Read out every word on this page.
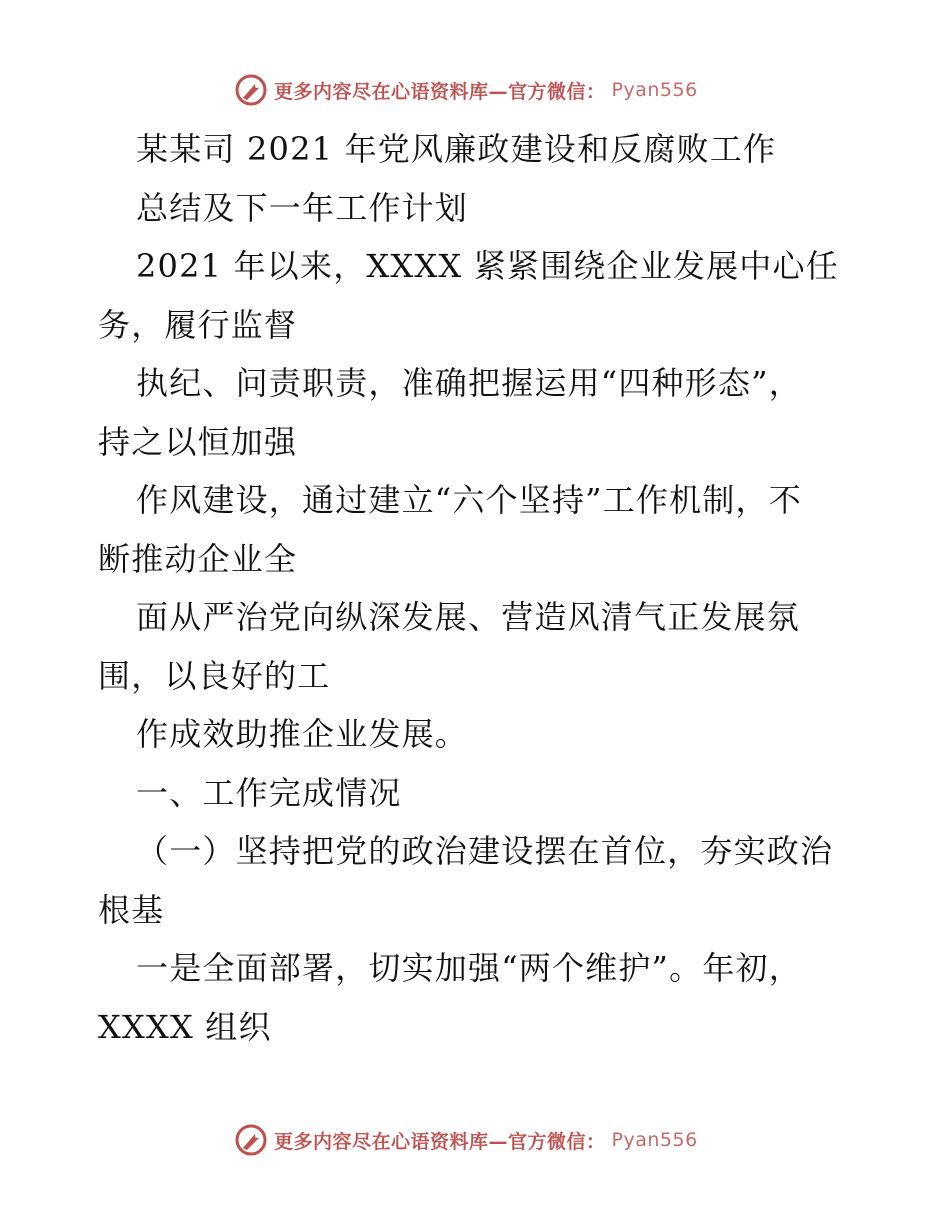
更多内容尽在心语资料库—官方微信： Pyan556
某某司 2021 年党风廉政建设和反腐败工作
总结及下一年工作计划
2021 年以来，XXXX 紧紧围绕企业发展中心任
务，履行监督
执纪、问责职责，准确把握运用“四种形态”，
持之以恒加强
作风建设，通过建立“六个坚持”工作机制，不
断推动企业全
面从严治党向纵深发展、营造风清气正发展氛
围，以良好的工
作成效助推企业发展。
一、工作完成情况
（一）坚持把党的政治建设摆在首位，夯实政治
根基
一是全面部署，切实加强“两个维护”。年初，
XXXX 组织
更多内容尽在心语资料库—官方微信： Pyan556
